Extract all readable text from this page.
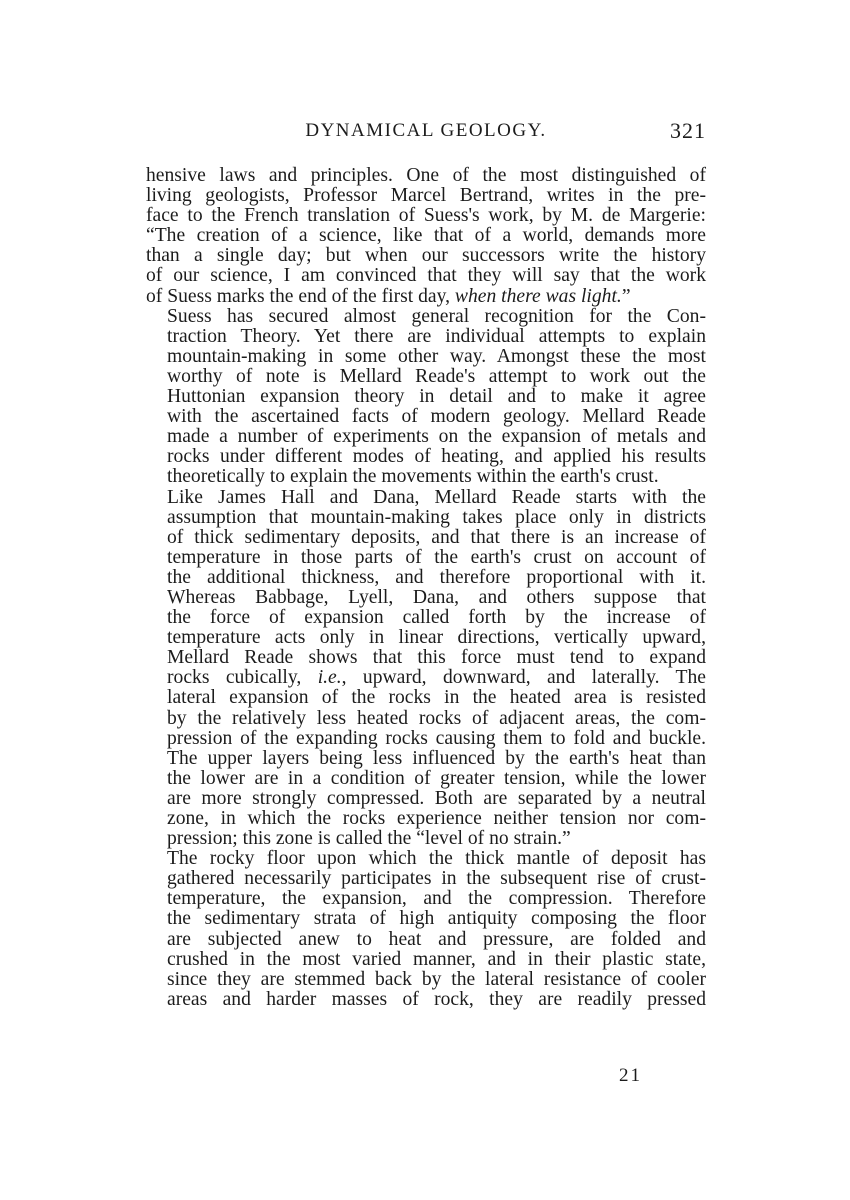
DYNAMICAL GEOLOGY.	321

hensive laws and principles. One of the most distinguished of
living geologists, Professor Marcel Bertrand, writes in the pre-
face to the French translation of Suess's work, by M. de Margerie:
“The creation of a science, like that of a world, demands more
than a single day; but when our successors write the history
of our science, I am convinced that they will say that the work
of Suess marks the end of the first day, when there was light.”

Suess has secured almost general recognition for the Con-
traction Theory. Yet there are individual attempts to explain
mountain-making in some other way. Amongst these the most
worthy of note is Mellard Reade's attempt to work out the
Huttonian expansion theory in detail and to make it agree
with the ascertained facts of modern geology. Mellard Reade
made a number of experiments on the expansion of metals and
rocks under different modes of heating, and applied his results
theoretically to explain the movements within the earth's crust.

Like James Hall and Dana, Mellard Reade starts with the
assumption that mountain-making takes place only in districts
of thick sedimentary deposits, and that there is an increase of
temperature in those parts of the earth's crust on account of
the additional thickness, and therefore proportional with it.
Whereas Babbage, Lyell, Dana, and others suppose that
the force of expansion called forth by the increase of
temperature acts only in linear directions, vertically upward,
Mellard Reade shows that this force must tend to expand
rocks cubically, i.e., upward, downward, and laterally. The
lateral expansion of the rocks in the heated area is resisted
by the relatively less heated rocks of adjacent areas, the com-
pression of the expanding rocks causing them to fold and buckle.
The upper layers being less influenced by the earth's heat than
the lower are in a condition of greater tension, while the lower
are more strongly compressed. Both are separated by a neutral
zone, in which the rocks experience neither tension nor com-
pression; this zone is called the “level of no strain.”

The rocky floor upon which the thick mantle of deposit has
gathered necessarily participates in the subsequent rise of crust-
temperature, the expansion, and the compression. Therefore
the sedimentary strata of high antiquity composing the floor
are subjected anew to heat and pressure, are folded and
crushed in the most varied manner, and in their plastic state,
since they are stemmed back by the lateral resistance of cooler
areas and harder masses of rock, they are readily pressed

21
